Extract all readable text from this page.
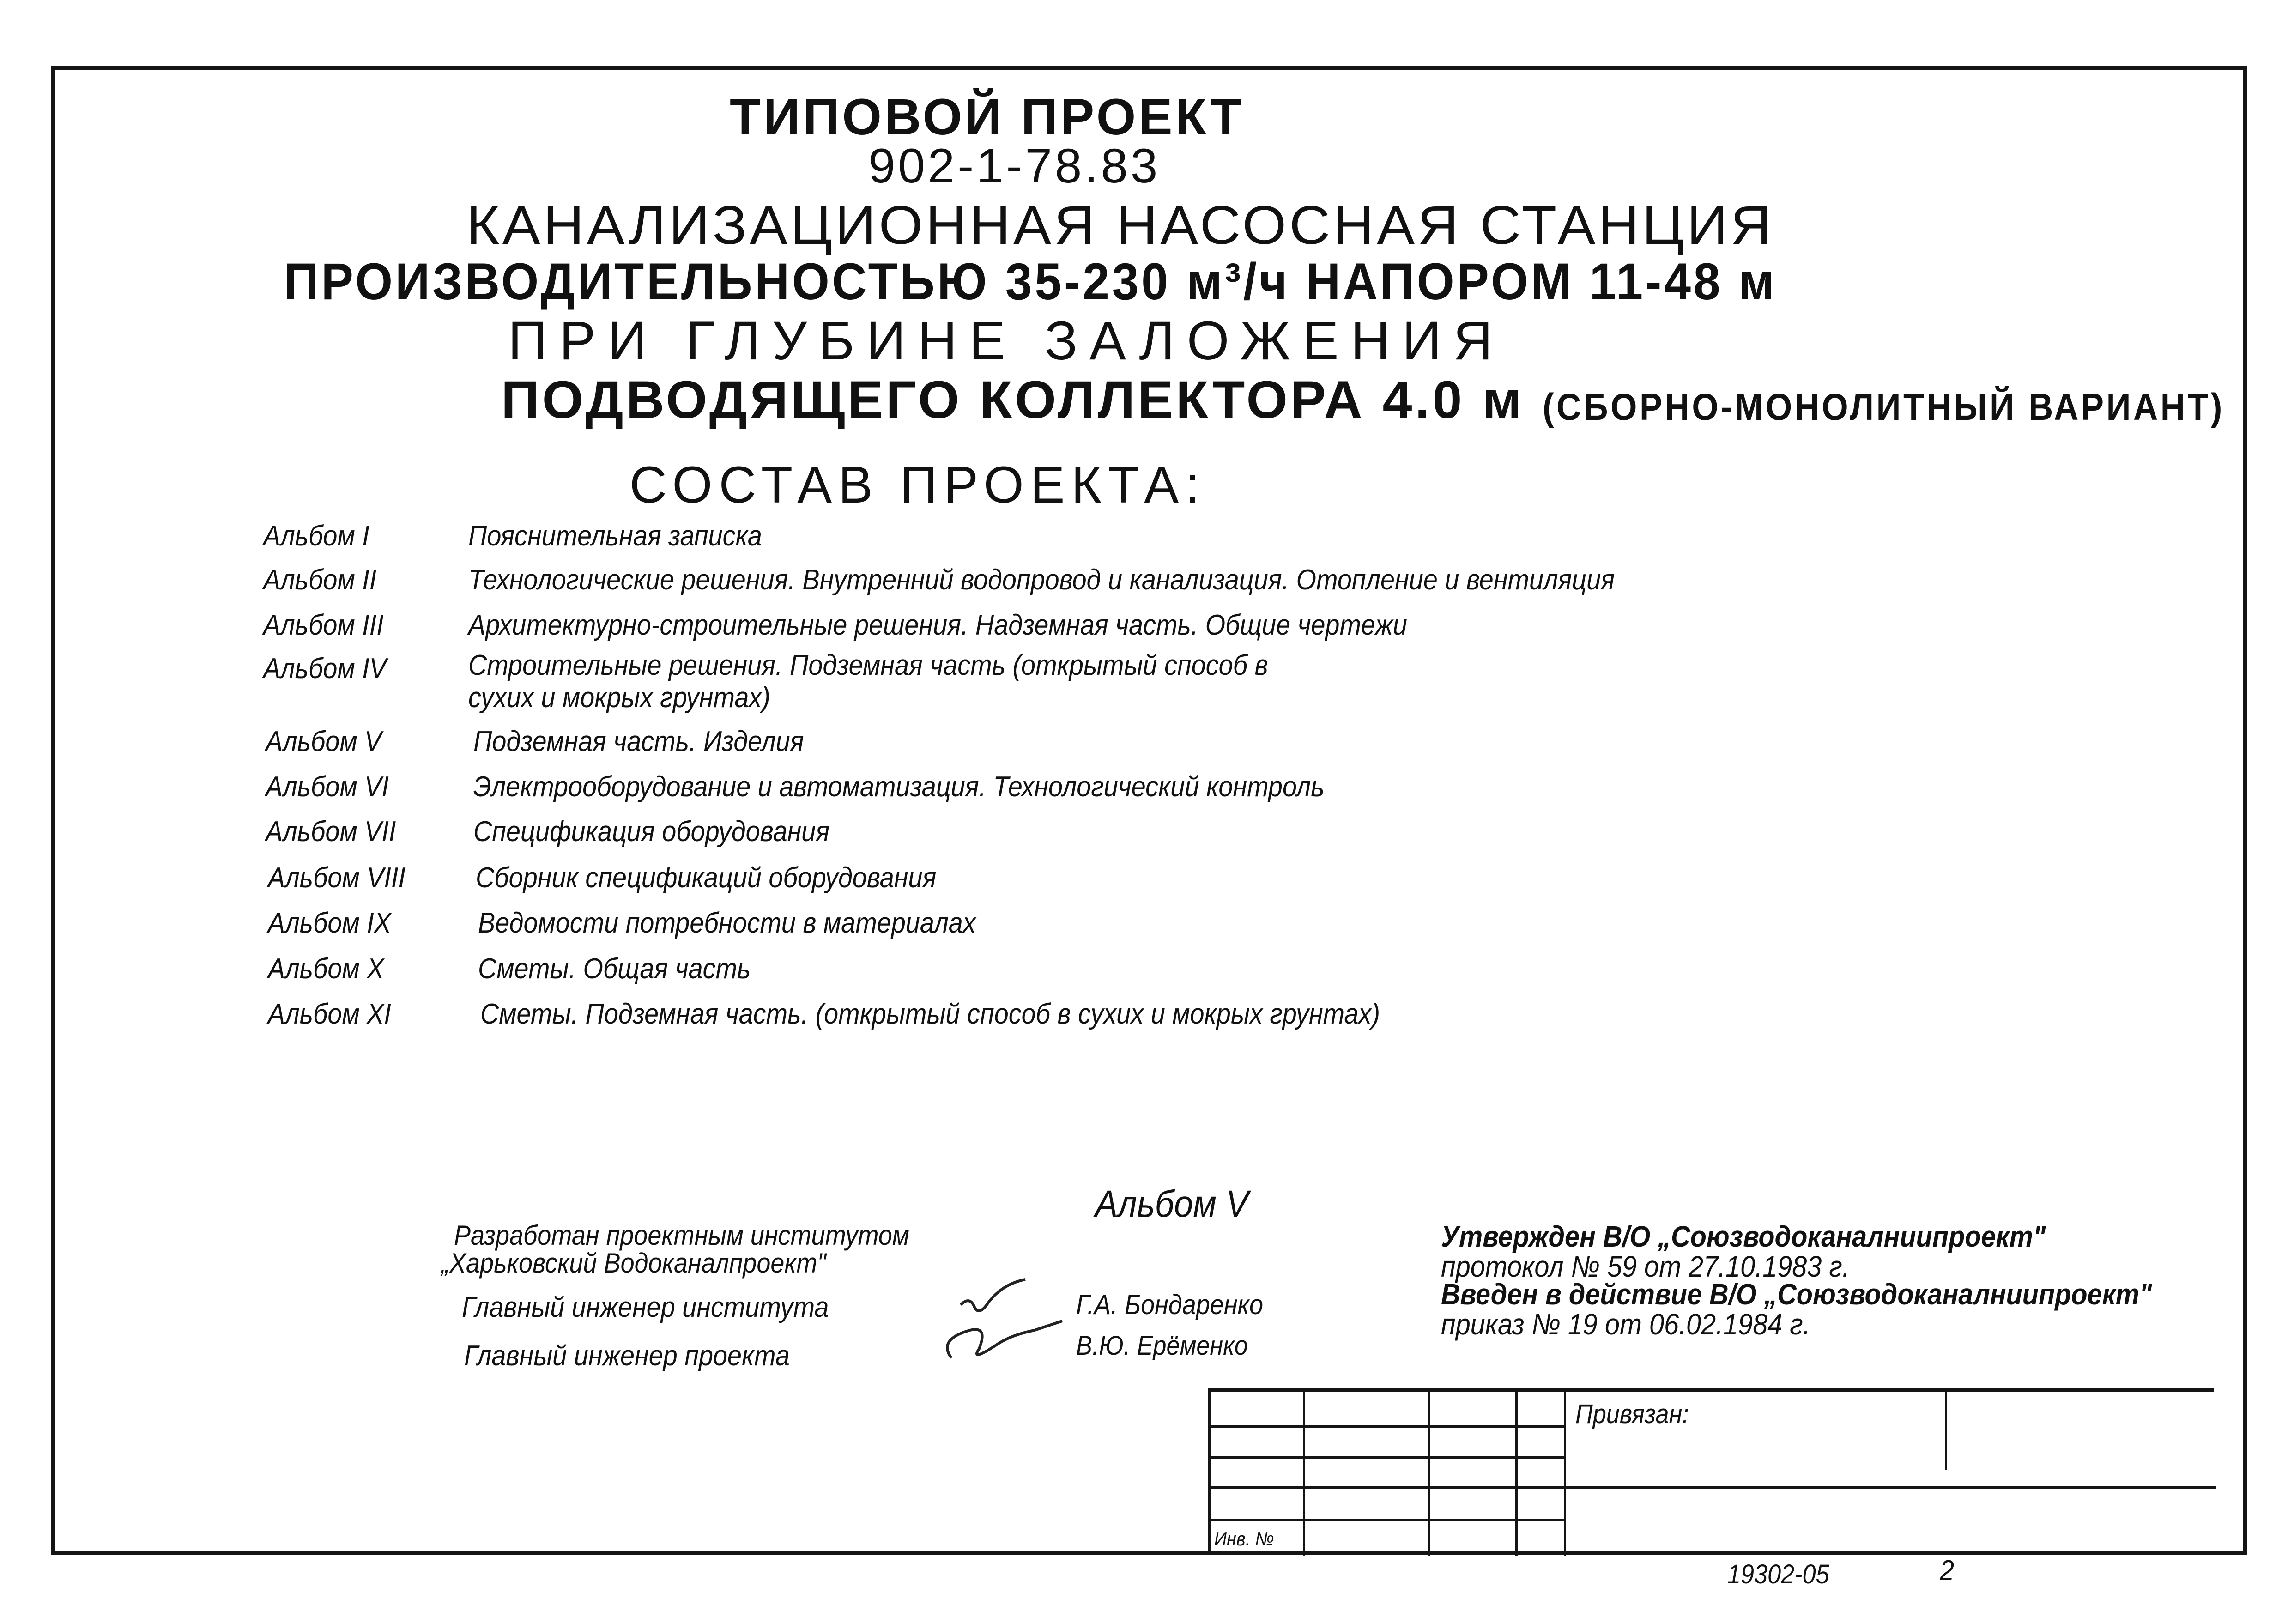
ТИПОВОЙ ПРОЕКТ
902-1-78.83
КАНАЛИЗАЦИОННАЯ НАСОСНАЯ СТАНЦИЯ
ПРОИЗВОДИТЕЛЬНОСТЬЮ 35-230 м³/ч НАПОРОМ 11-48 м
ПРИ ГЛУБИНЕ ЗАЛОЖЕНИЯ
ПОДВОДЯЩЕГО КОЛЛЕКТОРА 4.0 м (СБОРНО-МОНОЛИТНЫЙ ВАРИАНТ)
СОСТАВ ПРОЕКТА:
Альбом I	Пояснительная записка
Альбом II	Технологические решения. Внутренний водопровод и канализация. Отопление и вентиляция
Альбом III	Архитектурно-строительные решения. Надземная часть. Общие чертежи
Альбом IV	Строительные решения. Подземная часть (открытый способ в
сухих и мокрых грунтах)
Альбом V	Подземная часть. Изделия
Альбом VI	Электрооборудование и автоматизация. Технологический контроль
Альбом VII	Спецификация оборудования
Альбом VIII Сборник спецификаций оборудования
Альбом IX	Ведомости потребности в материалах
Альбом X	Сметы. Общая часть
Альбом XI	Сметы. Подземная часть. (открытый способ в сухих и мокрых грунтах)
Альбом V
Разработан проектным институтом
„Харьковский Водоканалпроект"
Главный инженер института	Г.А. Бондаренко
Главный инженер проекта	В.Ю. Ерёменко
Утвержден В/О „Союзводоканалниипроект"
протокол № 59 от 27.10.1983 г.
Введен в действие В/О „Союзводоканалниипроект"
приказ № 19 от 06.02.1984 г.
Привязан:
Инв. №
19302-05	2
